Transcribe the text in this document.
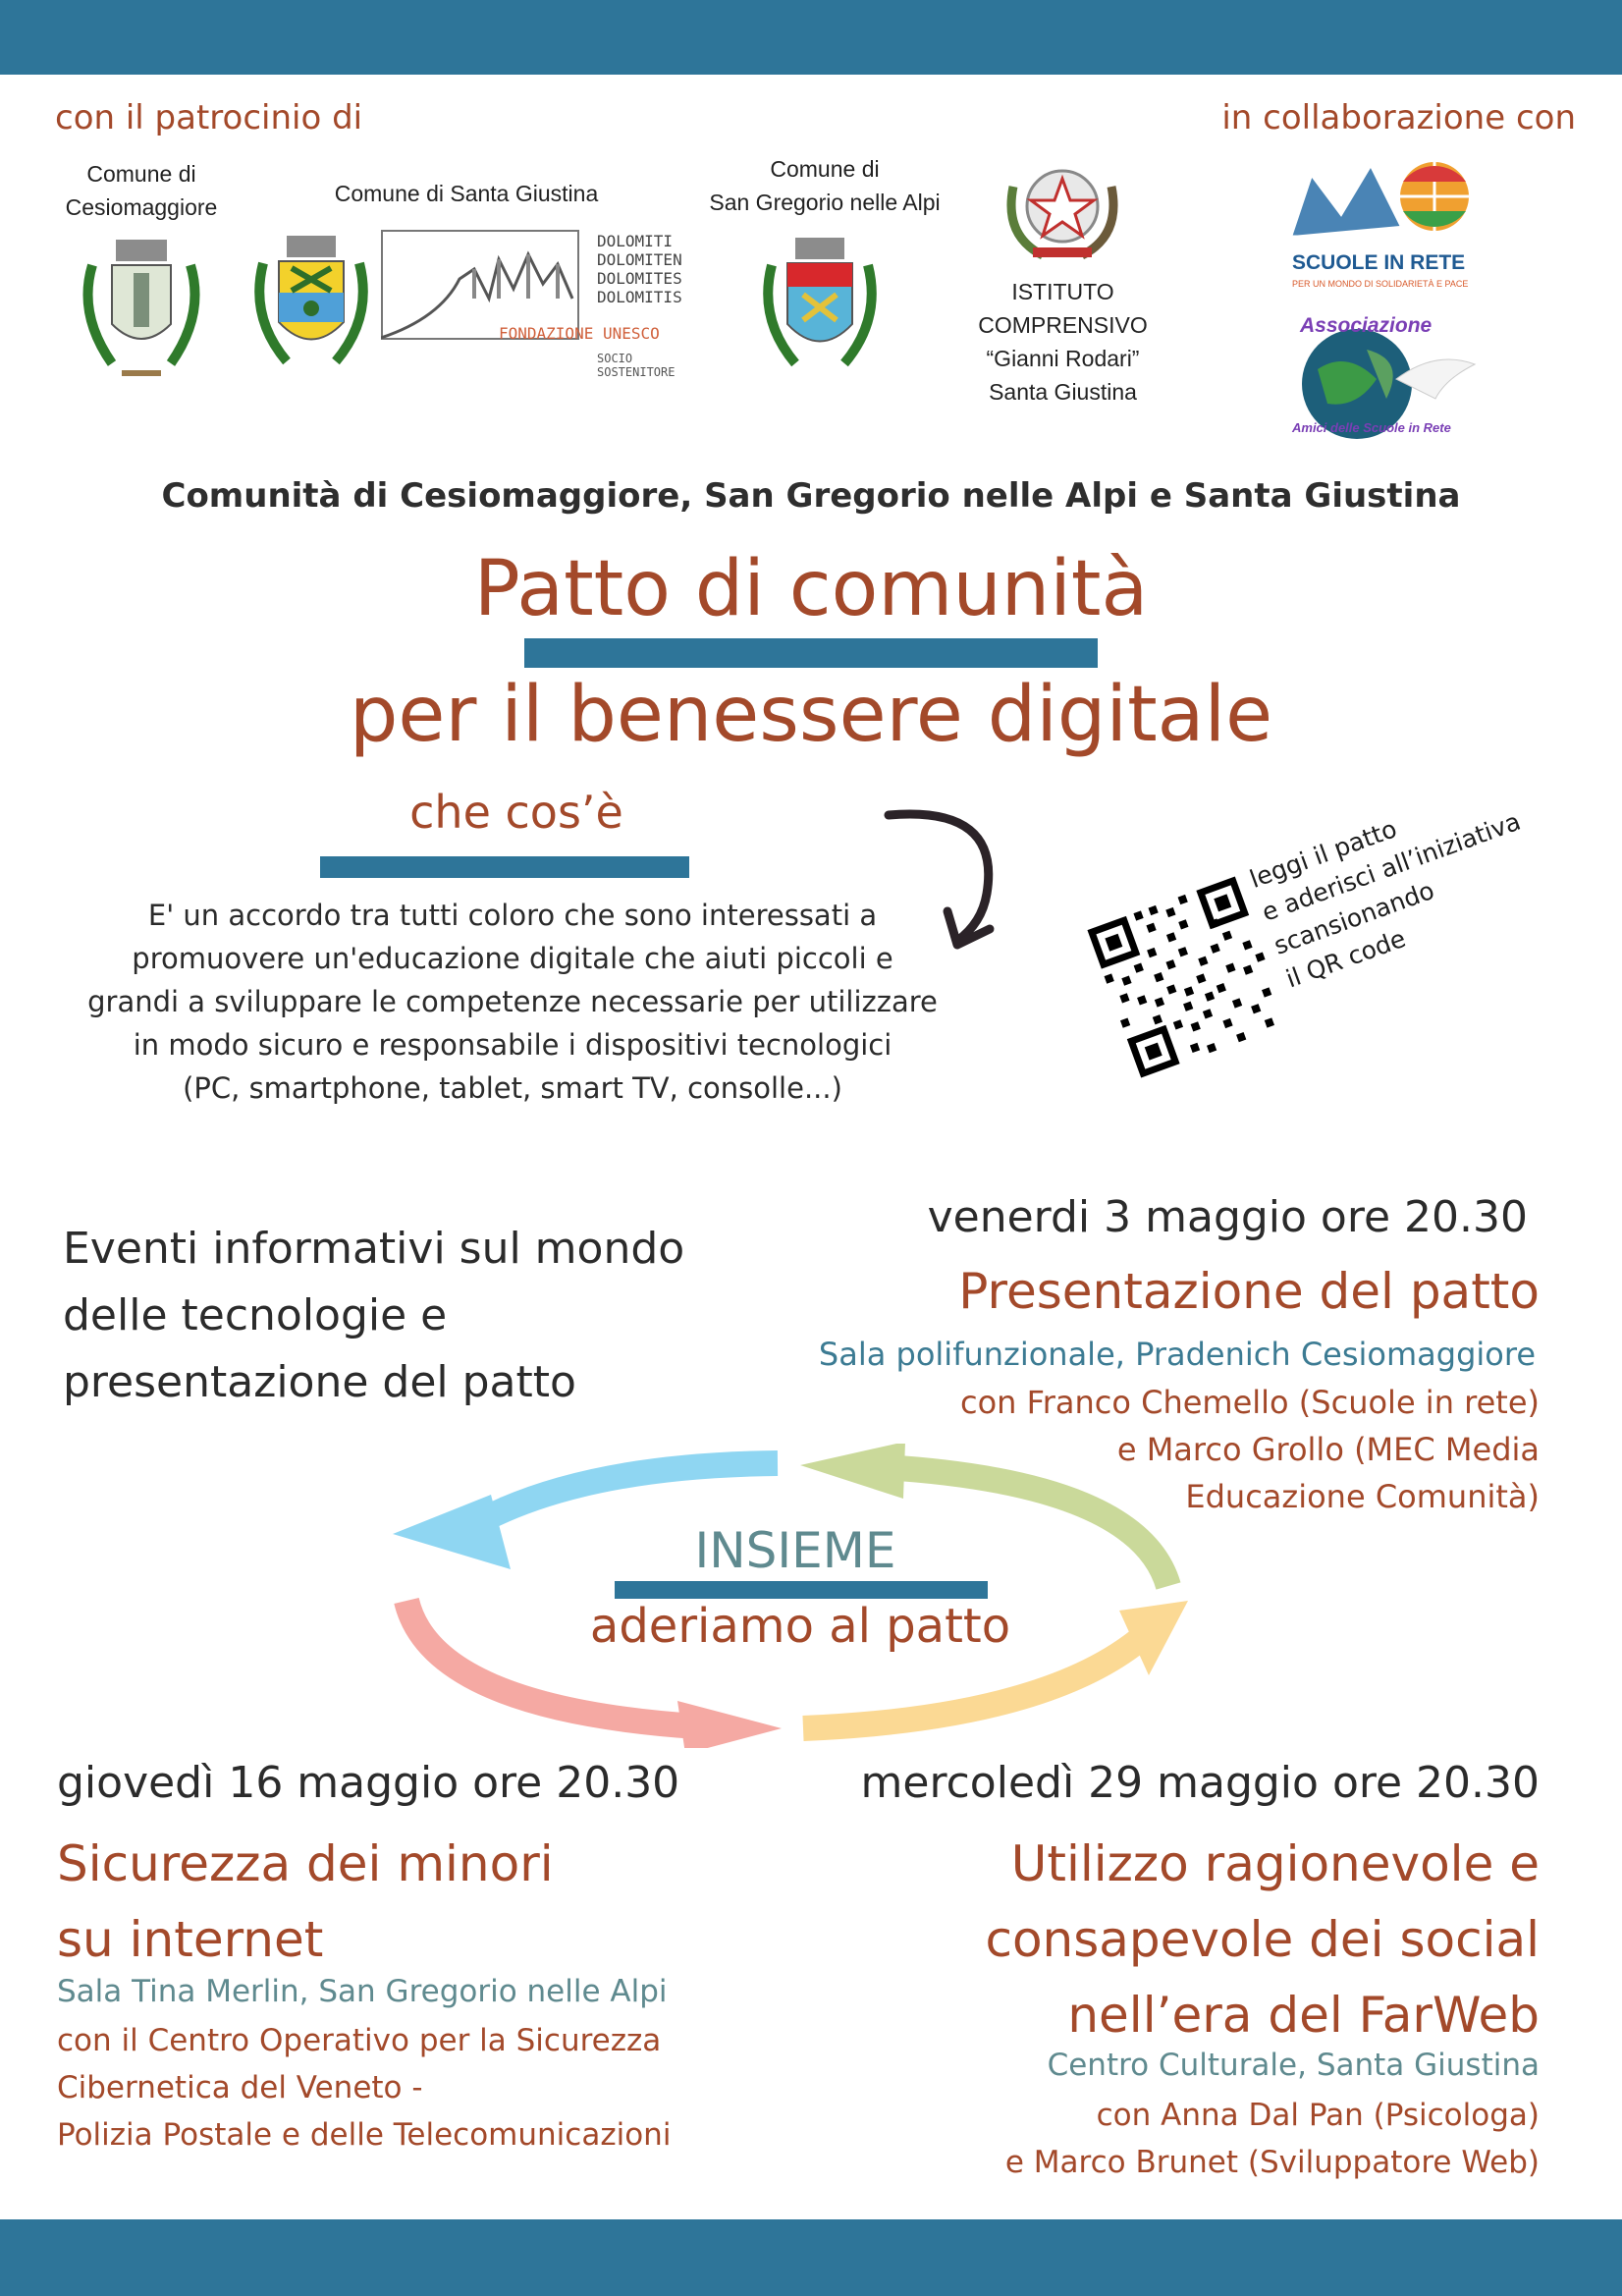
con il patrocinio di	in collaborazione con
Comune di
Cesiomaggiore
Comune di Santa Giustina
DOLOMITI
DOLOMITEN
DOLOMITES
DOLOMITIS
FONDAZIONE UNESCO
SOCIO
SOSTENITORE
Comune di
San Gregorio nelle Alpi
ISTITUTO
COMPRENSIVO
“Gianni Rodari”
Santa Giustina
SCUOLE IN RETE
PER UN MONDO DI SOLIDARIETÀ E PACE
Associazione
Amici delle Scuole in Rete
Comunità di Cesiomaggiore, San Gregorio nelle Alpi e Santa Giustina
Patto di comunità
per il benessere digitale
che cos’è
E' un accordo tra tutti coloro che sono interessati a
promuovere un'educazione digitale che aiuti piccoli e
grandi a sviluppare le competenze necessarie per utilizzare
in modo sicuro e responsabile i dispositivi tecnologici
(PC, smartphone, tablet, smart TV, consolle...)
leggi il patto
e aderisci all’iniziativa
scansionando
il QR code
Eventi informativi sul mondo
delle tecnologie e
presentazione del patto
venerdi 3 maggio ore 20.30
Presentazione del patto
Sala polifunzionale, Pradenich Cesiomaggiore
con Franco Chemello (Scuole in rete)
e Marco Grollo (MEC Media
Educazione Comunità)
INSIEME
aderiamo al patto
giovedì 16 maggio ore 20.30
Sicurezza dei minori
su internet
Sala Tina Merlin, San Gregorio nelle Alpi
con il Centro Operativo per la Sicurezza
Cibernetica del Veneto -
Polizia Postale e delle Telecomunicazioni
mercoledì 29 maggio ore 20.30
Utilizzo ragionevole e
consapevole dei social
nell’era del FarWeb
Centro Culturale, Santa Giustina
con Anna Dal Pan (Psicologa)
e Marco Brunet (Sviluppatore Web)
